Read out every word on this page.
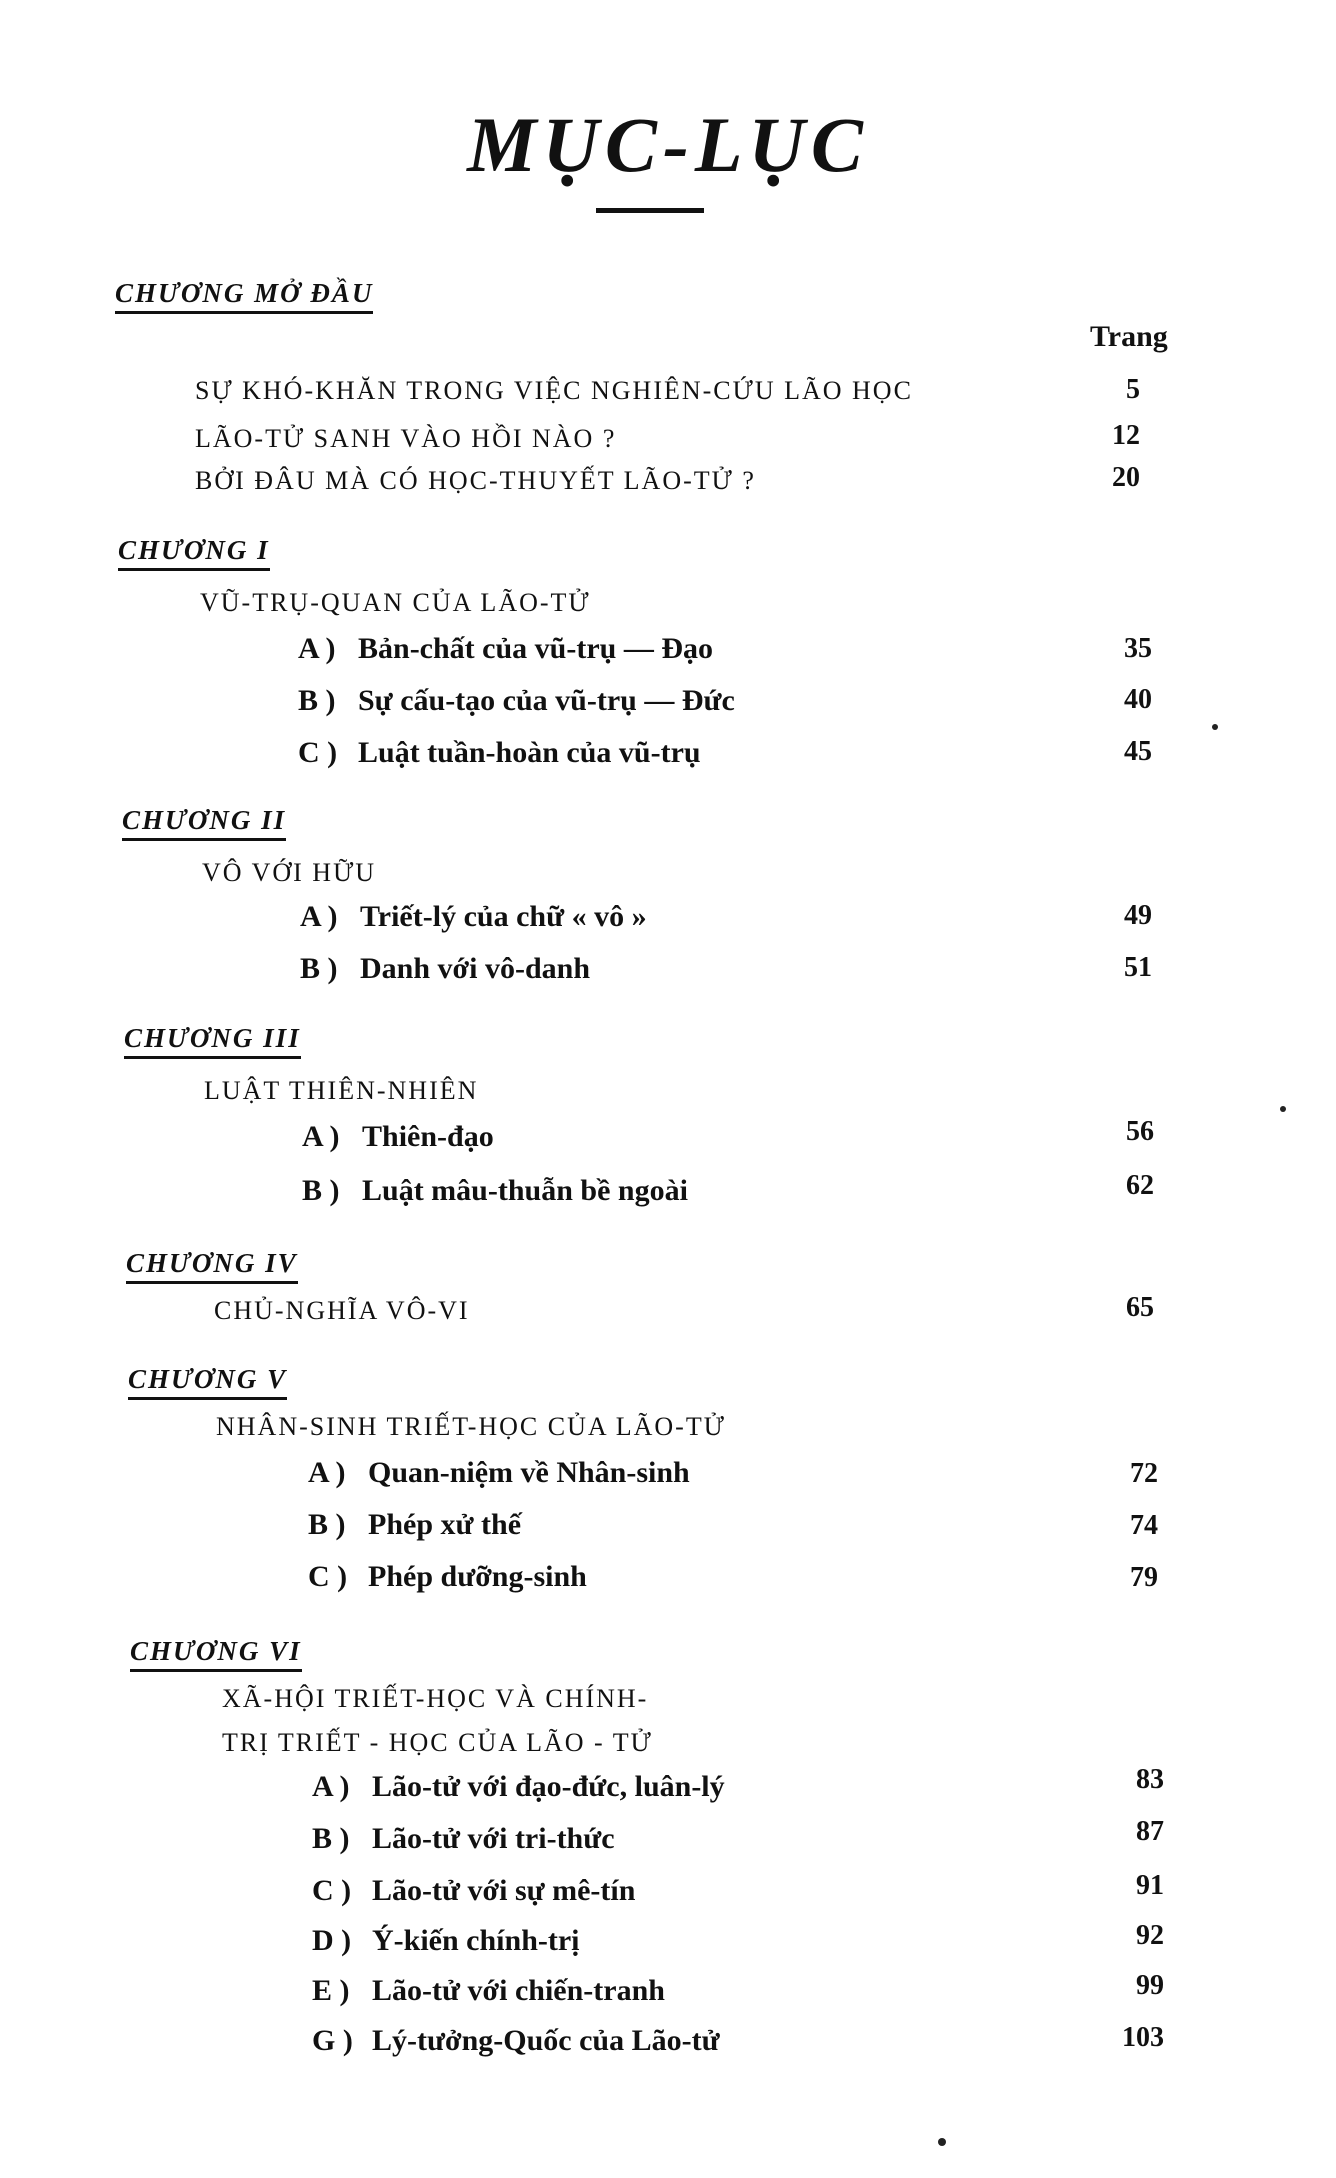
MỤC-LỤC
CHƯƠNG MỞ ĐẦU
Trang
SỰ KHÓ-KHĂN TRONG VIỆC NGHIÊN-CỨU LÃO HỌC	5
LÃO-TỬ SANH VÀO HỒI NÀO ?	12
BỞI ĐÂU MÀ CÓ HỌC-THUYẾT LÃO-TỬ ?	20
CHƯƠNG I
VŨ-TRỤ-QUAN CỦA LÃO-TỬ
A ) Bản-chất của vũ-trụ — Đạo	35
B ) Sự cấu-tạo của vũ-trụ — Đức	40
C ) Luật tuần-hoàn của vũ-trụ	45
CHƯƠNG II
VÔ VỚI HỮU
A ) Triết-lý của chữ « vô »	49
B ) Danh với vô-danh	51
CHƯƠNG III
LUẬT THIÊN-NHIÊN
A ) Thiên-đạo	56
B ) Luật mâu-thuẫn bề ngoài	62
CHƯƠNG IV
CHỦ-NGHĨA VÔ-VI	65
CHƯƠNG V
NHÂN-SINH TRIẾT-HỌC CỦA LÃO-TỬ
A ) Quan-niệm về Nhân-sinh	72
B ) Phép xử thế	74
C ) Phép dưỡng-sinh	79
CHƯƠNG VI
XÃ-HỘI TRIẾT-HỌC VÀ CHÍNH-
TRỊ TRIẾT - HỌC CỦA LÃO - TỬ
A ) Lão-tử với đạo-đức, luân-lý	83
B ) Lão-tử với tri-thức	87
C ) Lão-tử với sự mê-tín	91
D ) Ý-kiến chính-trị	92
E ) Lão-tử với chiến-tranh	99
G ) Lý-tưởng-Quốc của Lão-tử	103
